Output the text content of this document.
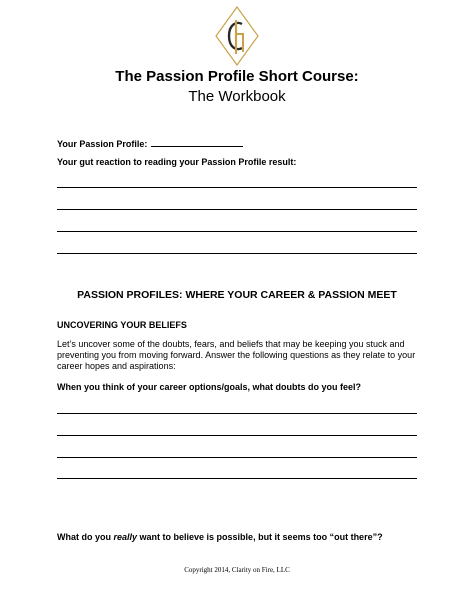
The Passion Profile Short Course:
The Workbook
Your Passion Profile:
Your gut reaction to reading your Passion Profile result:
PASSION PROFILES: WHERE YOUR CAREER & PASSION MEET
UNCOVERING YOUR BELIEFS
Let’s uncover some of the doubts, fears, and beliefs that may be keeping you stuck and preventing you from moving forward. Answer the following questions as they relate to your career hopes and aspirations:
When you think of your career options/goals, what doubts do you feel?
What do you really want to believe is possible, but it seems too “out there”?
Copyright 2014, Clarity on Fire, LLC
